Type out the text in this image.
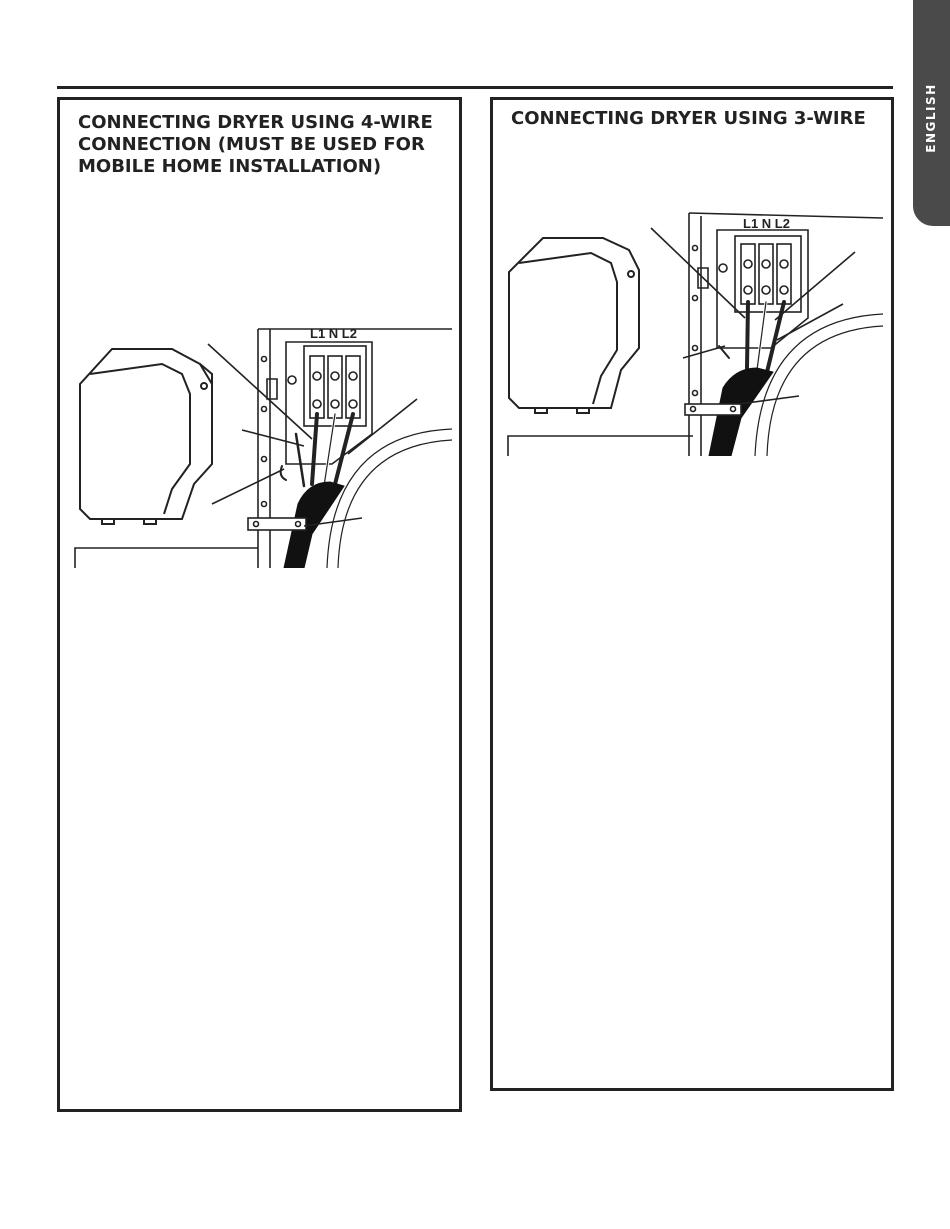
ENGLISH
CONNECTING DRYER USING 4-WIRE CONNECTION (MUST BE USED FOR MOBILE HOME INSTALLATION)
L1 N L2
CONNECTING DRYER USING 3-WIRE
L1 N L2
